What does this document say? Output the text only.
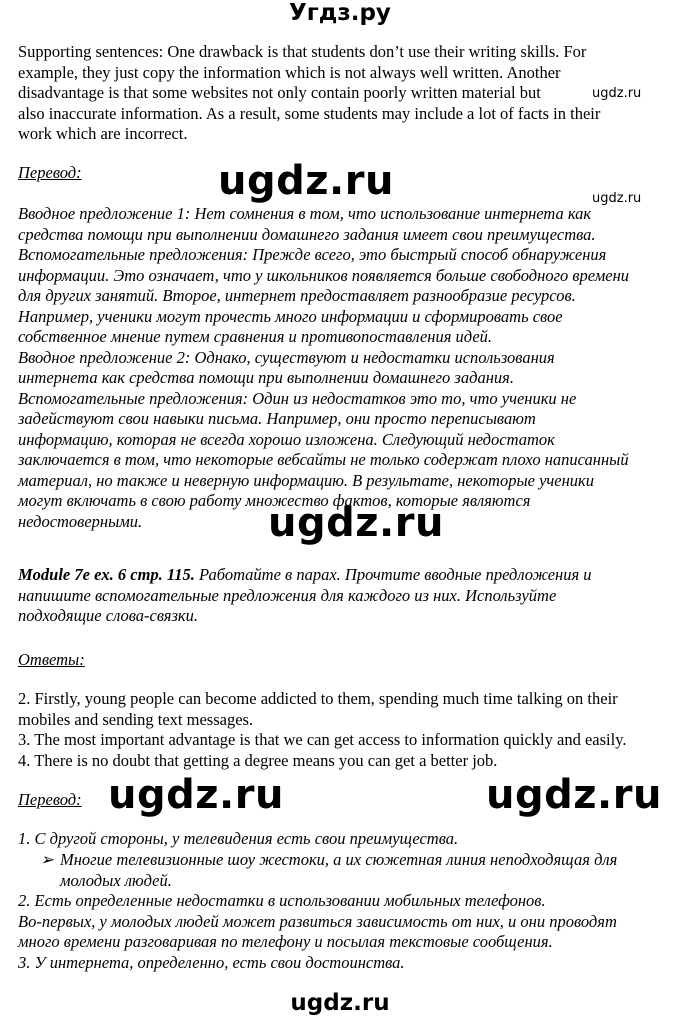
Угдз.ру
Supporting sentences: One drawback is that students don’t use their writing skills. For
example, they just copy the information which is not always well written. Another
disadvantage is that some websites not only contain poorly written material but
also inaccurate information. As a result, some students may include a lot of facts in their
work which are incorrect.
ugdz.ru
Перевод:	ugdz.ru	ugdz.ru
Вводное предложение 1: Нет сомнения в том, что использование интернета как
средства помощи при выполнении домашнего задания имеет свои преимущества.
Вспомогательные предложения: Прежде всего, это быстрый способ обнаружения
информации. Это означает, что у школьников появляется больше свободного времени
для других занятий. Второе, интернет предоставляет разнообразие ресурсов.
Например, ученики могут прочесть много информации и сформировать свое
собственное мнение путем сравнения и противопоставления идей.
Вводное предложение 2: Однако, существуют и недостатки использования
интернета как средства помощи при выполнении домашнего задания.
Вспомогательные предложения: Один из недостатков это то, что ученики не
задействуют свои навыки письма. Например, они просто переписывают
информацию, которая не всегда хорошо изложена. Следующий недостаток
заключается в том, что некоторые вебсайты не только содержат плохо написанный
материал, но также и неверную информацию. В результате, некоторые ученики
могут включать в свою работу множество фактов, которые являются
недостоверными.	ugdz.ru
Module 7e ex. 6 стр. 115. Работайте в парах. Прочтите вводные предложения и
напишите вспомогательные предложения для каждого из них. Используйте
подходящие слова-связки.
Ответы:
2. Firstly, young people can become addicted to them, spending much time talking on their
mobiles and sending text messages.
3. The most important advantage is that we can get access to information quickly and easily.
4. There is no doubt that getting a degree means you can get a better job.
Перевод: ugdz.ru	ugdz.ru
1. С другой стороны, у телевидения есть свои преимущества.
➢ Многие телевизионные шоу жестоки, а их сюжетная линия неподходящая для
молодых людей.
2. Есть определенные недостатки в использовании мобильных телефонов.
Во-первых, у молодых людей может развиться зависимость от них, и они проводят
много времени разговаривая по телефону и посылая текстовые сообщения.
3. У интернета, определенно, есть свои достоинства.
ugdz.ru
